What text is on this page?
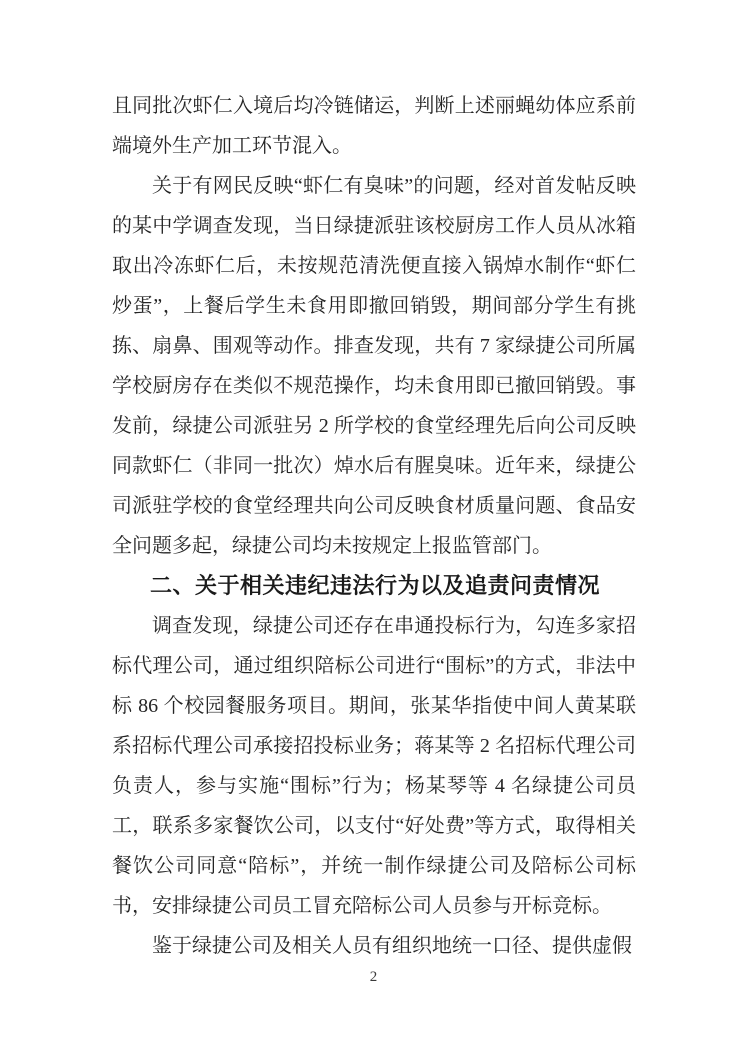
且同批次虾仁入境后均冷链储运，判断上述丽蝇幼体应系前端境外生产加工环节混入。

关于有网民反映“虾仁有臭味”的问题，经对首发帖反映的某中学调查发现，当日绿捷派驻该校厨房工作人员从冰箱取出冷冻虾仁后，未按规范清洗便直接入锅焯水制作“虾仁炒蛋”，上餐后学生未食用即撤回销毁，期间部分学生有挑拣、扇鼻、围观等动作。排查发现，共有 7 家绿捷公司所属学校厨房存在类似不规范操作，均未食用即已撤回销毁。事发前，绿捷公司派驻另 2 所学校的食堂经理先后向公司反映同款虾仁（非同一批次）焯水后有腥臭味。近年来，绿捷公司派驻学校的食堂经理共向公司反映食材质量问题、食品安全问题多起，绿捷公司均未按规定上报监管部门。

二、关于相关违纪违法行为以及追责问责情况

调查发现，绿捷公司还存在串通投标行为，勾连多家招标代理公司，通过组织陪标公司进行“围标”的方式，非法中标 86 个校园餐服务项目。期间，张某华指使中间人黄某联系招标代理公司承接招投标业务；蒋某等 2 名招标代理公司负责人，参与实施“围标”行为；杨某琴等 4 名绿捷公司员工，联系多家餐饮公司，以支付“好处费”等方式，取得相关餐饮公司同意“陪标”，并统一制作绿捷公司及陪标公司标书，安排绿捷公司员工冒充陪标公司人员参与开标竞标。

鉴于绿捷公司及相关人员有组织地统一口径、提供虚假

2
